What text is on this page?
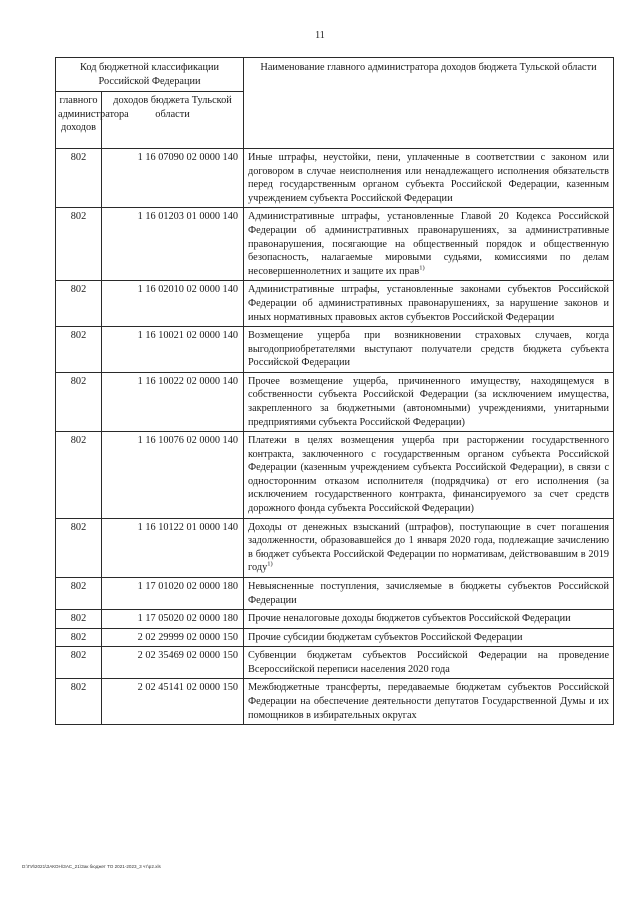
11
Код бюджетной классификации Российской Федерации		Наименование главного администратора доходов бюджета Тульской области
главного администратора доходов	доходов бюджета Тульской области	
802	1 16 07090 02 0000 140	Иные штрафы, неустойки, пени, уплаченные в соответствии с законом или договором в случае неисполнения или ненадлежащего исполнения обязательств перед государственным органом субъекта Российской Федерации, казенным учреждением субъекта Российской Федерации
802	1 16 01203 01 0000 140	Административные штрафы, установленные Главой 20 Кодекса Российской Федерации об административных правонарушениях, за административные правонарушения, посягающие на общественный порядок и общественную безопасность, налагаемые мировыми судьями, комиссиями по делам несовершеннолетних и защите их прав$^{1)}$
802	1 16 02010 02 0000 140	Административные штрафы, установленные законами субъектов Российской Федерации об административных правонарушениях, за нарушение законов и иных нормативных правовых актов субъектов Российской Федерации
802	1 16 10021 02 0000 140	Возмещение ущерба при возникновении страховых случаев, когда выгодоприобретателями выступают получатели средств бюджета субъекта Российской Федерации
802	1 16 10022 02 0000 140	Прочее возмещение ущерба, причиненного имуществу, находящемуся в собственности субъекта Российской Федерации (за исключением имущества, закрепленного за бюджетными (автономными) учреждениями, унитарными предприятиями субъекта Российской Федерации)
802	1 16 10076 02 0000 140	Платежи в целях возмещения ущерба при расторжении государственного контракта, заключенного с государственным органом субъекта Российской Федерации (казенным учреждением субъекта Российской Федерации), в связи с односторонним отказом исполнителя (подрядчика) от его исполнения (за исключением государственного контракта, финансируемого за счет средств дорожного фонда субъекта Российской Федерации)
802	1 16 10122 01 0000 140	Доходы от денежных взысканий (штрафов), поступающие в счет погашения задолженности, образовавшейся до 1 января 2020 года, подлежащие зачислению в бюджет субъекта Российской Федерации по нормативам, действовавшим в 2019 году$^{1)}$
802	1 17 01020 02 0000 180	Невыясненные поступления, зачисляемые в бюджеты субъектов Российской Федерации
802	1 17 05020 02 0000 180	Прочие неналоговые доходы бюджетов субъектов Российской Федерации
802	2 02 29999 02 0000 150	Прочие субсидии бюджетам субъектов Российской Федерации
802	2 02 35469 02 0000 150	Субвенции бюджетам субъектов Российской Федерации на проведение Всероссийской переписи населения 2020 года
802	2 02 45141 02 0000 150	Межбюджетные трансферты, передаваемые бюджетам субъектов Российской Федерации на обеспечение деятельности депутатов Государственной Думы и их помощников в избирательных округах
D:\ГИ\2021\ЗАКОН\ЗАС_21\Зак бюджет ТО 2021-2023_3 чт\р2.xls
